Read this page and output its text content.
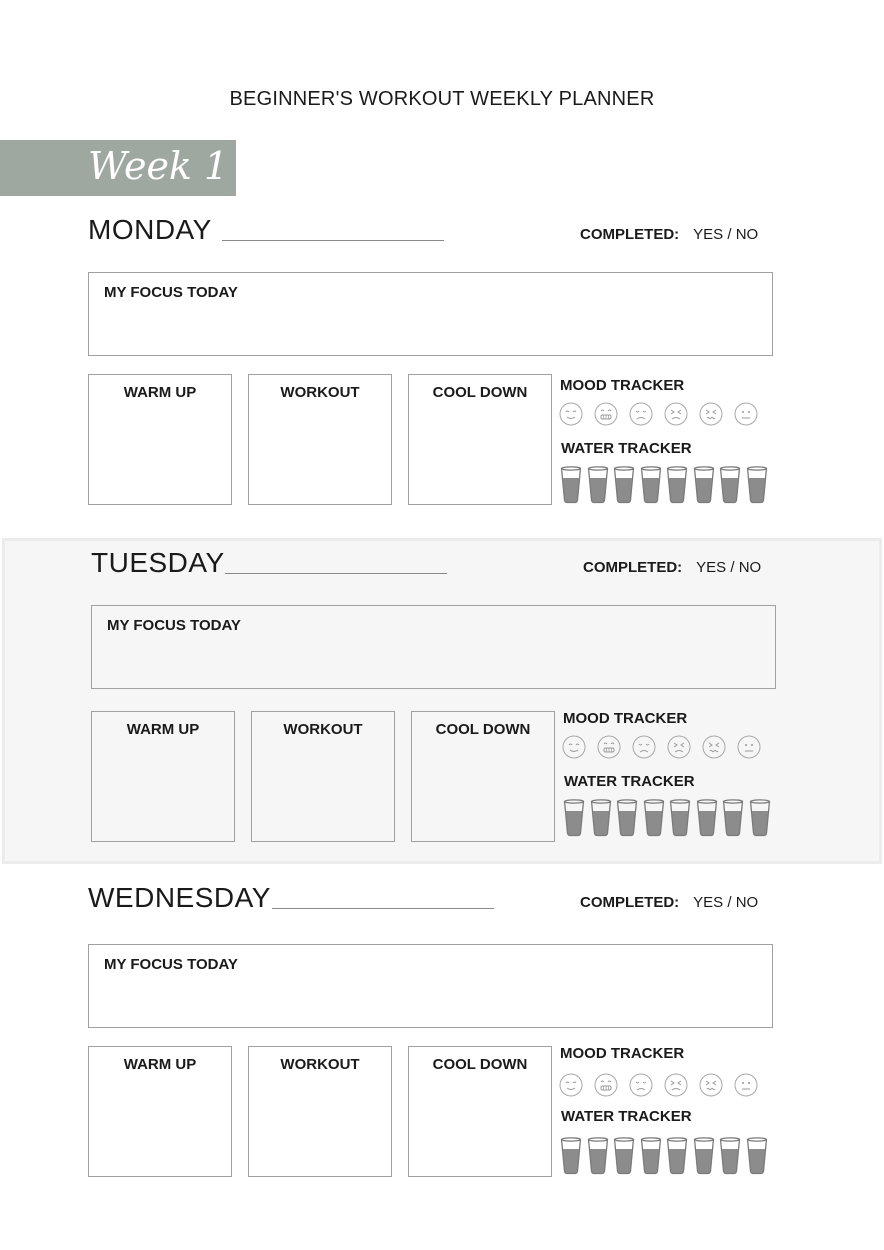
BEGINNER'S WORKOUT WEEKLY PLANNER
Week 1
MONDAY	COMPLETED: YES / NO
MY FOCUS TODAY
WARM UP	WORKOUT	COOL DOWN	MOOD TRACKER
WATER TRACKER
TUESDAY	COMPLETED: YES / NO
MY FOCUS TODAY
WARM UP	WORKOUT	COOL DOWN
MOOD TRACKER
WATER TRACKER
WEDNESDAY	COMPLETED: YES / NO
MY FOCUS TODAY
WARM UP	WORKOUT	COOL DOWN
MOOD TRACKER
WATER TRACKER
